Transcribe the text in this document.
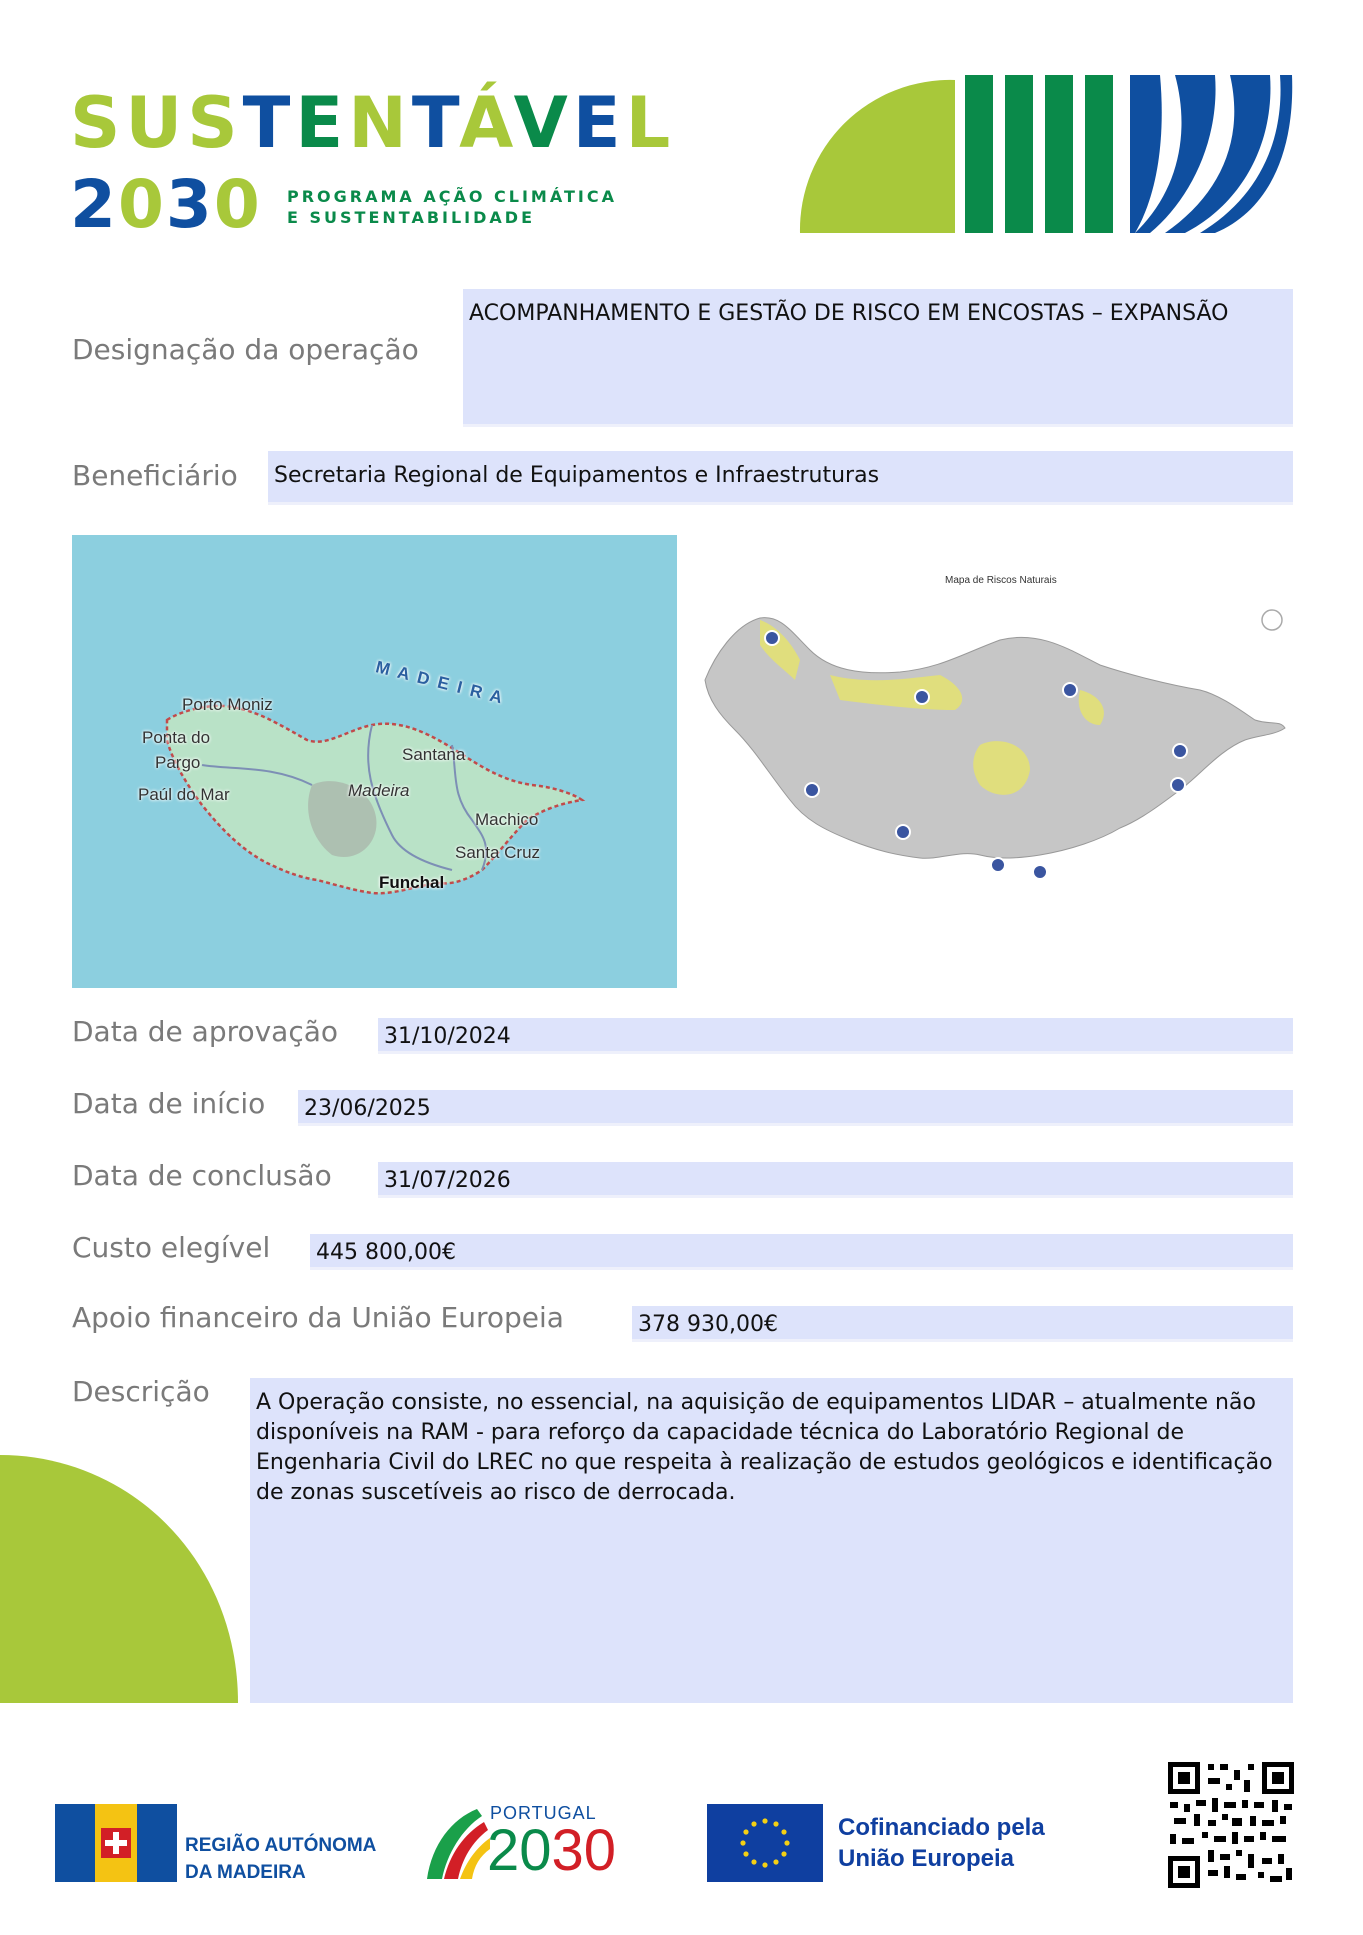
SUSTENTÁVEL
2030 PROGRAMA AÇÃO CLIMÁTICA
E SUSTENTABILIDADE
Designação da operação
ACOMPANHAMENTO E GESTÃO DE RISCO EM ENCOSTAS – EXPANSÃO
Beneficiário Secretaria Regional de Equipamentos e Infraestruturas
M A D E I R A
Porto Moniz
Ponta do
Pargo
Paúl do Mar
Santana
Madeira
Machico
Santa Cruz
Funchal
Mapa de Riscos Naturais
Data de aprovação 31/10/2024
Data de início 23/06/2025
Data de conclusão 31/07/2026
Custo elegível 445 800,00€
Apoio financeiro da União Europeia	378 930,00€
Descrição A Operação consiste, no essencial, na aquisição de equipamentos LIDAR – atualmente não disponíveis na RAM - para reforço da capacidade técnica do Laboratório Regional de Engenharia Civil do LREC no que respeita à realização de estudos geológicos e identificação de zonas suscetíveis ao risco de derrocada.
REGIÃO AUTÓNOMA
DA MADEIRA
PORTUGAL
2030	Cofinanciado pela
União Europeia
